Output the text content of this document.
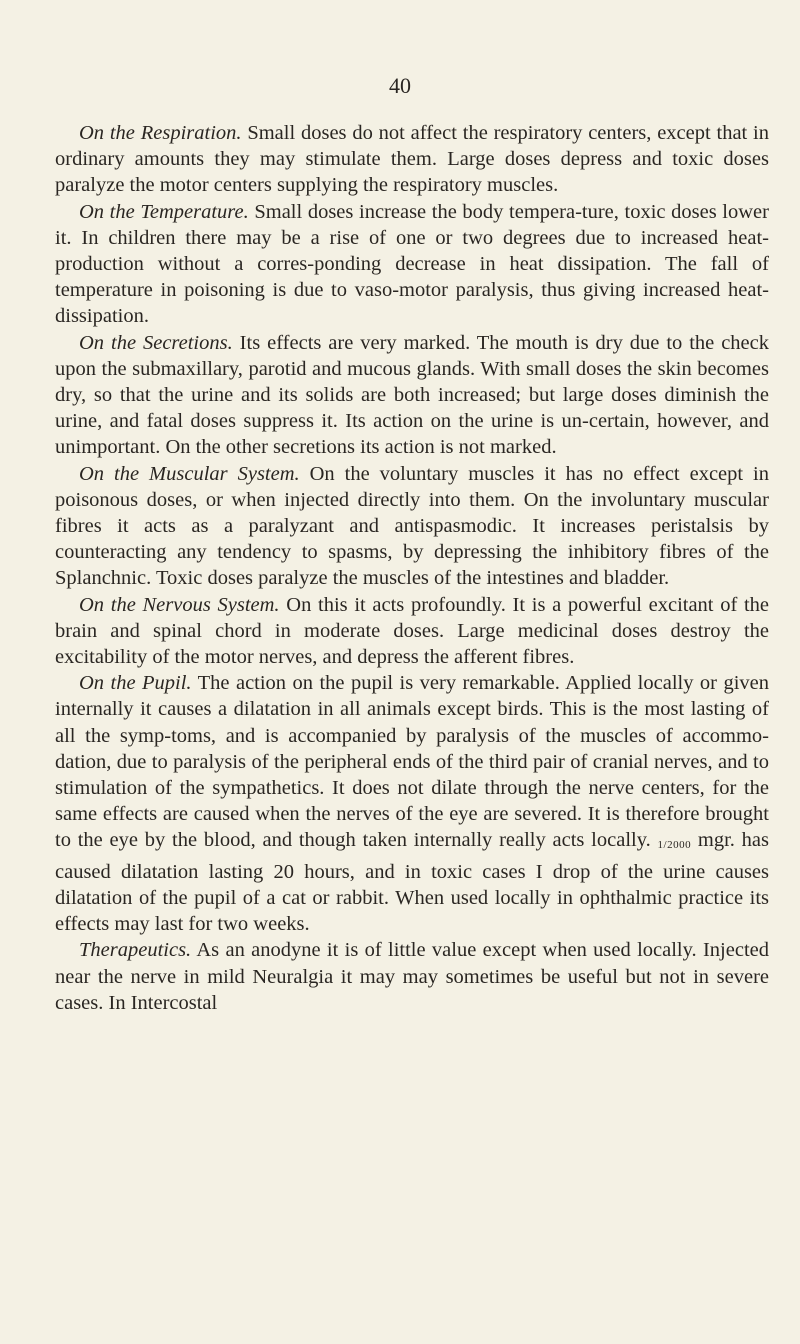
40

On the Respiration. Small doses do not affect the respiratory centers, except that in ordinary amounts they may stimulate them. Large doses depress and toxic doses paralyze the motor centers supplying the respiratory muscles.

On the Temperature. Small doses increase the body tempera-ture, toxic doses lower it. In children there may be a rise of one or two degrees due to increased heat-production without a corres-ponding decrease in heat dissipation. The fall of temperature in poisoning is due to vaso-motor paralysis, thus giving increased heat-dissipation.

On the Secretions. Its effects are very marked. The mouth is dry due to the check upon the submaxillary, parotid and mucous glands. With small doses the skin becomes dry, so that the urine and its solids are both increased; but large doses diminish the urine, and fatal doses suppress it. Its action on the urine is un-certain, however, and unimportant. On the other secretions its action is not marked.

On the Muscular System. On the voluntary muscles it has no effect except in poisonous doses, or when injected directly into them. On the involuntary muscular fibres it acts as a paralyzant and antispasmodic. It increases peristalsis by counteracting any tendency to spasms, by depressing the inhibitory fibres of the Splanchnic. Toxic doses paralyze the muscles of the intestines and bladder.

On the Nervous System. On this it acts profoundly. It is a powerful excitant of the brain and spinal chord in moderate doses. Large medicinal doses destroy the excitability of the motor nerves, and depress the afferent fibres.

On the Pupil. The action on the pupil is very remarkable. Applied locally or given internally it causes a dilatation in all animals except birds. This is the most lasting of all the symp-toms, and is accompanied by paralysis of the muscles of accommo-dation, due to paralysis of the peripheral ends of the third pair of cranial nerves, and to stimulation of the sympathetics. It does not dilate through the nerve centers, for the same effects are caused when the nerves of the eye are severed. It is therefore brought to the eye by the blood, and though taken internally really acts locally. 1/2000 mgr. has caused dilatation lasting 20 hours, and in toxic cases I drop of the urine causes dilatation of the pupil of a cat or rabbit. When used locally in ophthalmic practice its effects may last for two weeks.

Therapeutics. As an anodyne it is of little value except when used locally. Injected near the nerve in mild Neuralgia it may may sometimes be useful but not in severe cases. In Intercostal
